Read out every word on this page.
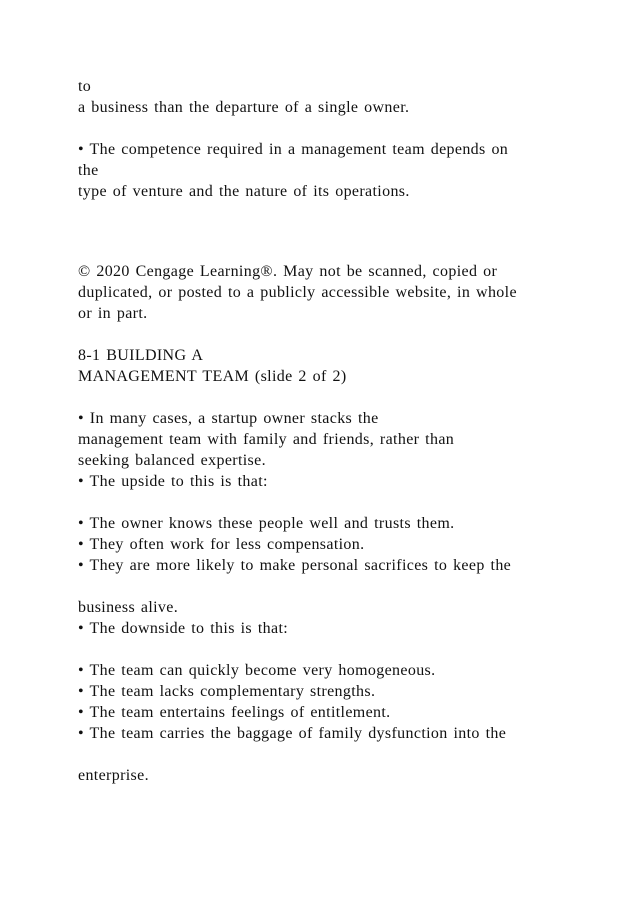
to
a business than the departure of a single owner.
• The competence required in a management team depends on
the
type of venture and the nature of its operations.
© 2020 Cengage Learning®. May not be scanned, copied or
duplicated, or posted to a publicly accessible website, in whole
or in part.
8-1 BUILDING A
MANAGEMENT TEAM (slide 2 of 2)
• In many cases, a startup owner stacks the
management team with family and friends, rather than
seeking balanced expertise.
• The upside to this is that:
• The owner knows these people well and trusts them.
• They often work for less compensation.
• They are more likely to make personal sacrifices to keep the
business alive.
• The downside to this is that:
• The team can quickly become very homogeneous.
• The team lacks complementary strengths.
• The team entertains feelings of entitlement.
• The team carries the baggage of family dysfunction into the
enterprise.
